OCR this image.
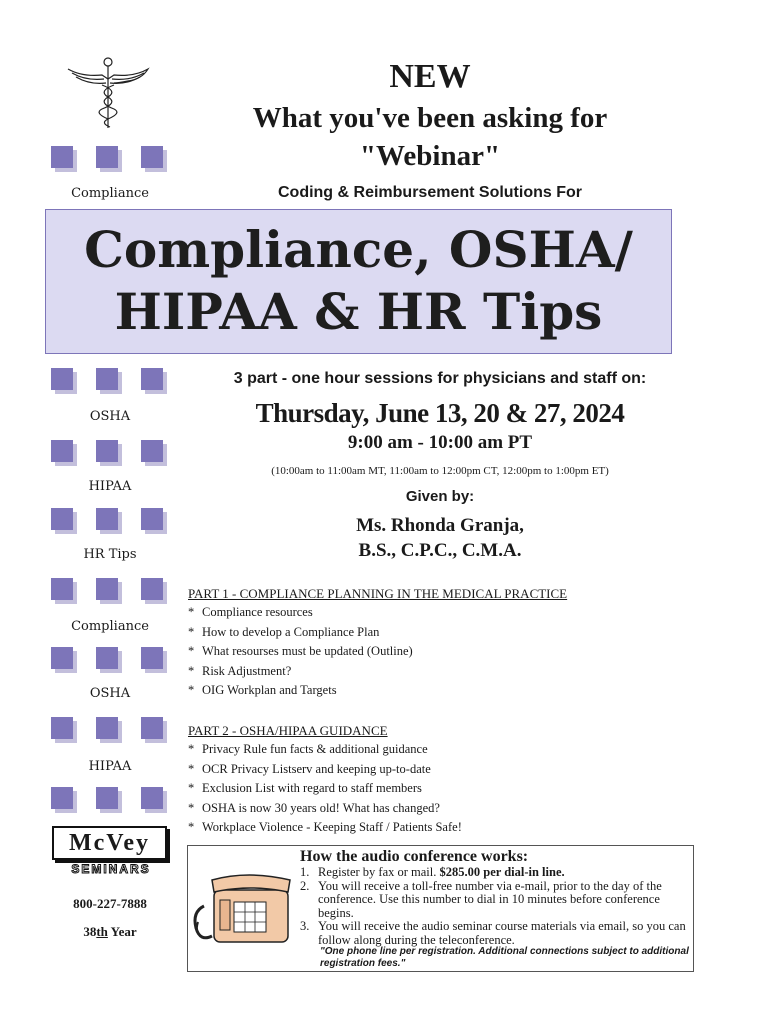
NEW
What you've been asking for
"Webinar"
Coding & Reimbursement Solutions For
Compliance
OSHA
HIPAA
HR Tips
Compliance
OSHA
HIPAA
Compliance, OSHA/
HIPAA & HR Tips
3 part - one hour sessions for physicians and staff on:
Thursday, June 13, 20 & 27, 2024
9:00 am - 10:00 am PT
(10:00am to 11:00am MT, 11:00am to 12:00pm CT, 12:00pm to 1:00pm ET)
Given by:
Ms. Rhonda Granja,
B.S., C.P.C., C.M.A.
PART 1 - COMPLIANCE PLANNING IN THE MEDICAL PRACTICE
* Compliance resources
* How to develop a Compliance Plan
* What resourses must be updated (Outline)
* Risk Adjustment?
* OIG Workplan and Targets
PART 2 - OSHA/HIPAA GUIDANCE
* Privacy Rule fun facts & additional guidance
* OCR Privacy Listserv and keeping up-to-date
* Exclusion List with regard to staff members
* OSHA is now 30 years old! What has changed?
* Workplace Violence - Keeping Staff / Patients Safe!
McVey
SEMINARS
800-227-7888
38th Year
How the audio conference works:
1. Register by fax or mail. $285.00 per dial-in line.
2. You will receive a toll-free number via e-mail, prior to the day of the conference. Use this number to dial in 10 minutes before conference begins.
3. You will receive the audio seminar course materials via email, so you can follow along during the teleconference.
"One phone line per registration. Additional connections subject to additional registration fees."
